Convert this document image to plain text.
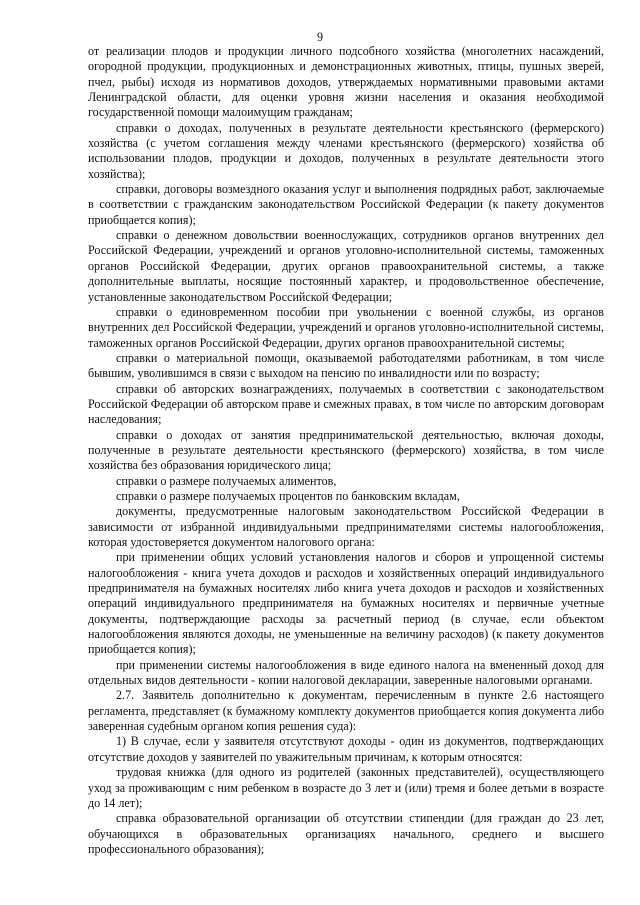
9

от реализации плодов и продукции личного подсобного хозяйства (многолетних насаждений, огородной продукции, продукционных и демонстрационных животных, птицы, пушных зверей, пчел, рыбы) исходя из нормативов доходов, утверждаемых нормативными правовыми актами Ленинградской области, для оценки уровня жизни населения и оказания необходимой государственной помощи малоимущим гражданам;

справки о доходах, полученных в результате деятельности крестьянского (фермерского) хозяйства (с учетом соглашения между членами крестьянского (фермерского) хозяйства об использовании плодов, продукции и доходов, полученных в результате деятельности этого хозяйства);

справки, договоры возмездного оказания услуг и выполнения подрядных работ, заключаемые в соответствии с гражданским законодательством Российской Федерации (к пакету документов приобщается копия);

справки о денежном довольствии военнослужащих, сотрудников органов внутренних дел Российской Федерации, учреждений и органов уголовно-исполнительной системы, таможенных органов Российской Федерации, других органов правоохранительной системы, а также дополнительные выплаты, носящие постоянный характер, и продовольственное обеспечение, установленные законодательством Российской Федерации;

справки о единовременном пособии при увольнении с военной службы, из органов внутренних дел Российской Федерации, учреждений и органов уголовно-исполнительной системы, таможенных органов Российской Федерации, других органов правоохранительной системы;

справки о материальной помощи, оказываемой работодателями работникам, в том числе бывшим, уволившимся в связи с выходом на пенсию по инвалидности или по возрасту;

справки об авторских вознаграждениях, получаемых в соответствии с законодательством Российской Федерации об авторском праве и смежных правах, в том числе по авторским договорам наследования;

справки о доходах от занятия предпринимательской деятельностью, включая доходы, полученные в результате деятельности крестьянского (фермерского) хозяйства, в том числе хозяйства без образования юридического лица;

справки о размере получаемых алиментов,

справки о размере получаемых процентов по банковским вкладам,

документы, предусмотренные налоговым законодательством Российской Федерации в зависимости от избранной индивидуальными предпринимателями системы налогообложения, которая удостоверяется документом налогового органа:

при применении общих условий установления налогов и сборов и упрощенной системы налогообложения - книга учета доходов и расходов и хозяйственных операций индивидуального предпринимателя на бумажных носителях либо книга учета доходов и расходов и хозяйственных операций индивидуального предпринимателя на бумажных носителях и первичные учетные документы, подтверждающие расходы за расчетный период (в случае, если объектом налогообложения являются доходы, не уменьшенные на величину расходов) (к пакету документов приобщается копия);

при применении системы налогообложения в виде единого налога на вмененный доход для отдельных видов деятельности - копии налоговой декларации, заверенные налоговыми органами.

2.7. Заявитель дополнительно к документам, перечисленным в пункте 2.6 настоящего регламента, представляет (к бумажному комплекту документов приобщается копия документа либо заверенная судебным органом копия решения суда):

1) В случае, если у заявителя отсутствуют доходы - один из документов, подтверждающих отсутствие доходов у заявителей по уважительным причинам, к которым относятся:

трудовая книжка (для одного из родителей (законных представителей), осуществляющего уход за проживающим с ним ребенком в возрасте до 3 лет и (или) тремя и более детьми в возрасте до 14 лет);

справка образовательной организации об отсутствии стипендии (для граждан до 23 лет, обучающихся в образовательных организациях начального, среднего и высшего профессионального образования);
